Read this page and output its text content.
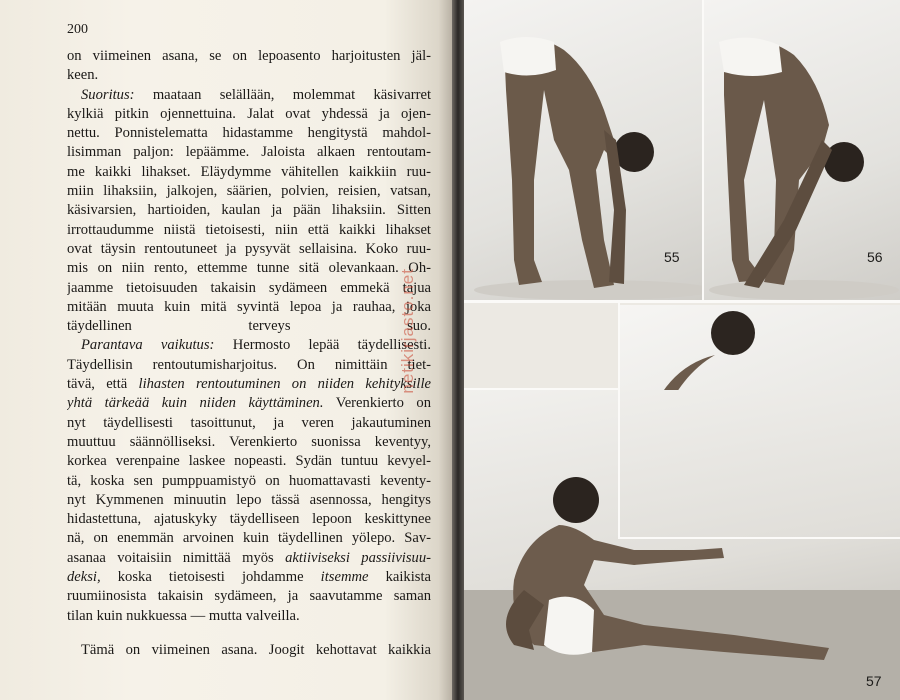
200

on viimeinen asana, se on lepoasento harjoitusten jäl-
keen.

Suoritus: maataan selällään, molemmat käsivarret

kylkiä pitkin ojennettuina. Jalat ovat yhdessä ja ojen-
nettu. Ponnistelematta hidastamme hengitystä mahdol-
lisimman paljon: lepäämme. Jaloista alkaen rentoutam-
me kaikki lihakset. Eläydymme vähitellen kaikkiin ruu-
miin lihaksiin, jalkojen, säärien, polvien, reisien, vatsan,
käsivarsien, hartioiden, kaulan ja pään lihaksiin. Sitten
irrottaudumme niistä tietoisesti, niin että kaikki lihakset
ovat täysin rentoutuneet ja pysyvät sellaisina. Koko ruu-
mis on niin rento, ettemme tunne sitä olevankaan. Oh-
jaamme tietoisuuden takaisin sydämeen emmekä tajua
mitään muuta kuin mitä syvintä lepoa ja rauhaa, joka
täydellinen terveys suo.

Parantava vaikutus: Hermosto lepää täydellisesti.
Täydellisin rentoutumisharjoitus. On nimittäin tiet-
tävä, että lihasten rentoutuminen on niiden kehityksille
yhtä tärkeää kuin niiden käyttäminen. Verenkierto on
nyt täydellisesti tasoittunut, ja veren jakautuminen
muuttuu säännölliseksi. Verenkierto suonissa keventyy,
korkea verenpaine laskee nopeasti. Sydän tuntuu kevyel-
tä, koska sen pumppuamistyö on huomattavasti keventy-
nyt Kymmenen minuutin lepo tässä asennossa, hengitys
hidastettuna, ajatuskyky täydelliseen lepoon keskittynee
nä, on enemmän arvoinen kuin täydellinen yölepo. Sav-
asanaa voitaisiin nimittää myös aktiiviseksi passiivisuu-
deksi, koska tietoisesti johdamme itsemme kaikista
ruumiinosista takaisin sydämeen, ja saavutamme saman
tilan kuin nukkuessa — mutta valveilla.

Tämä on viimeinen asana. Joogit kehottavat kaikkia

netikirjasto.net
55	56
57
